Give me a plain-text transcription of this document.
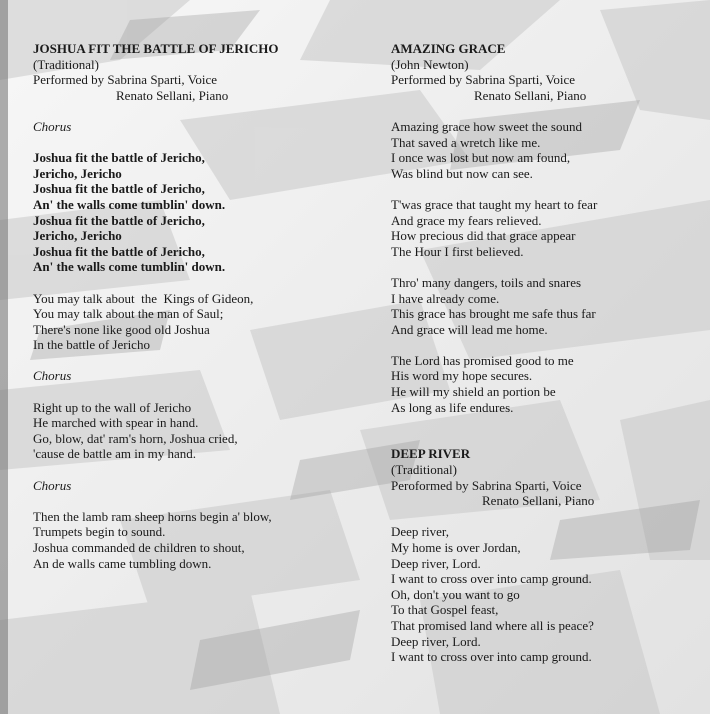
JOSHUA FIT THE BATTLE OF JERICHO
(Traditional)
Performed by Sabrina Sparti, Voice
Renato Sellani, Piano
Chorus
Joshua fit the battle of Jericho,
Jericho, Jericho
Joshua fit the battle of Jericho,
An' the walls come tumblin' down.
Joshua fit the battle of Jericho,
Jericho, Jericho
Joshua fit the battle of Jericho,
An' the walls come tumblin' down.
You may talk about  the  Kings of Gideon,
You may talk about the man of Saul;
There's none like good old Joshua
In the battle of Jericho
Chorus
Right up to the wall of Jericho
He marched with spear in hand.
Go, blow, dat' ram's horn, Joshua cried,
'cause de battle am in my hand.
Chorus
Then the lamb ram sheep horns begin a' blow,
Trumpets begin to sound.
Joshua commanded de children to shout,
An de walls came tumbling down.
AMAZING GRACE
(John Newton)
Performed by Sabrina Sparti, Voice
Renato Sellani, Piano
Amazing grace how sweet the sound
That saved a wretch like me.
I once was lost but now am found,
Was blind but now can see.
T'was grace that taught my heart to fear
And grace my fears relieved.
How precious did that grace appear
The Hour I first believed.
Thro' many dangers, toils and snares
I have already come.
This grace has brought me safe thus far
And grace will lead me home.
The Lord has promised good to me
His word my hope secures.
He will my shield an portion be
As long as life endures.
DEEP RIVER
(Traditional)
Peroformed by Sabrina Sparti, Voice
Renato Sellani, Piano
Deep river,
My home is over Jordan,
Deep river, Lord.
I want to cross over into camp ground.
Oh, don't you want to go
To that Gospel feast,
That promised land where all is peace?
Deep river, Lord.
I want to cross over into camp ground.
